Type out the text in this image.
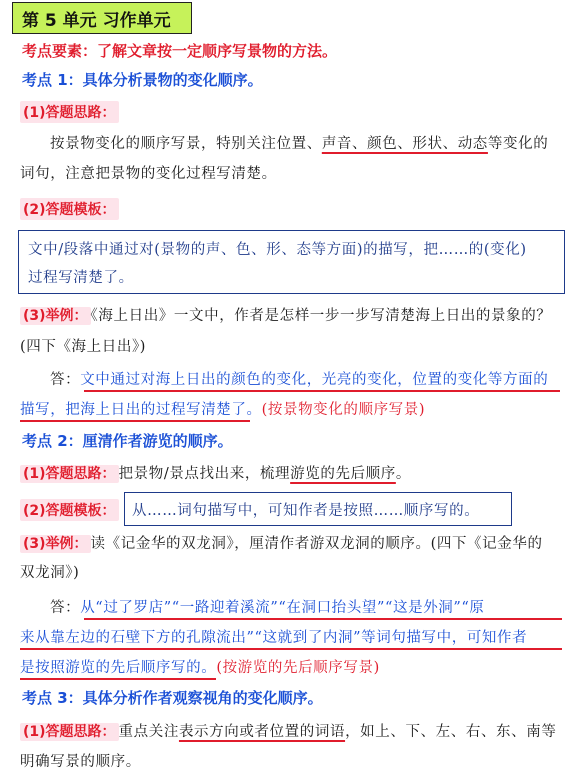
第 5 单元 习作单元
考点要素：了解文章按一定顺序写景物的方法。
考点 1：具体分析景物的变化顺序。
(1)答题思路：
按景物变化的顺序写景，特别关注位置、声音、颜色、形状、动态等变化的
词句，注意把景物的变化过程写清楚。
(2)答题模板：
文中/段落中通过对(景物的声、色、形、态等方面)的描写，把……的(变化)
过程写清楚了。
(3)举例： 《海上日出》一文中，作者是怎样一步一步写清楚海上日出的景象的？
(四下《海上日出》)
答：文中通过对海上日出的颜色的变化，光亮的变化，位置的变化等方面的
描写，把海上日出的过程写清楚了。(按景物变化的顺序写景)
考点 2：厘清作者游览的顺序。
(1)答题思路： 把景物/景点找出来，梳理游览的先后顺序。
(2)答题模板： 从……词句描写中，可知作者是按照……顺序写的。
(3)举例： 读《记金华的双龙洞》，厘清作者游双龙洞的顺序。(四下《记金华的
双龙洞》)
答：从“过了罗店”“一路迎着溪流”“在洞口抬头望”“这是外洞”“原
来从靠左边的石壁下方的孔隙流出”“这就到了内洞”等词句描写中，可知作者
是按照游览的先后顺序写的。(按游览的先后顺序写景)
考点 3：具体分析作者观察视角的变化顺序。
(1)答题思路： 重点关注表示方向或者位置的词语，如上、下、左、右、东、南等
明确写景的顺序。
